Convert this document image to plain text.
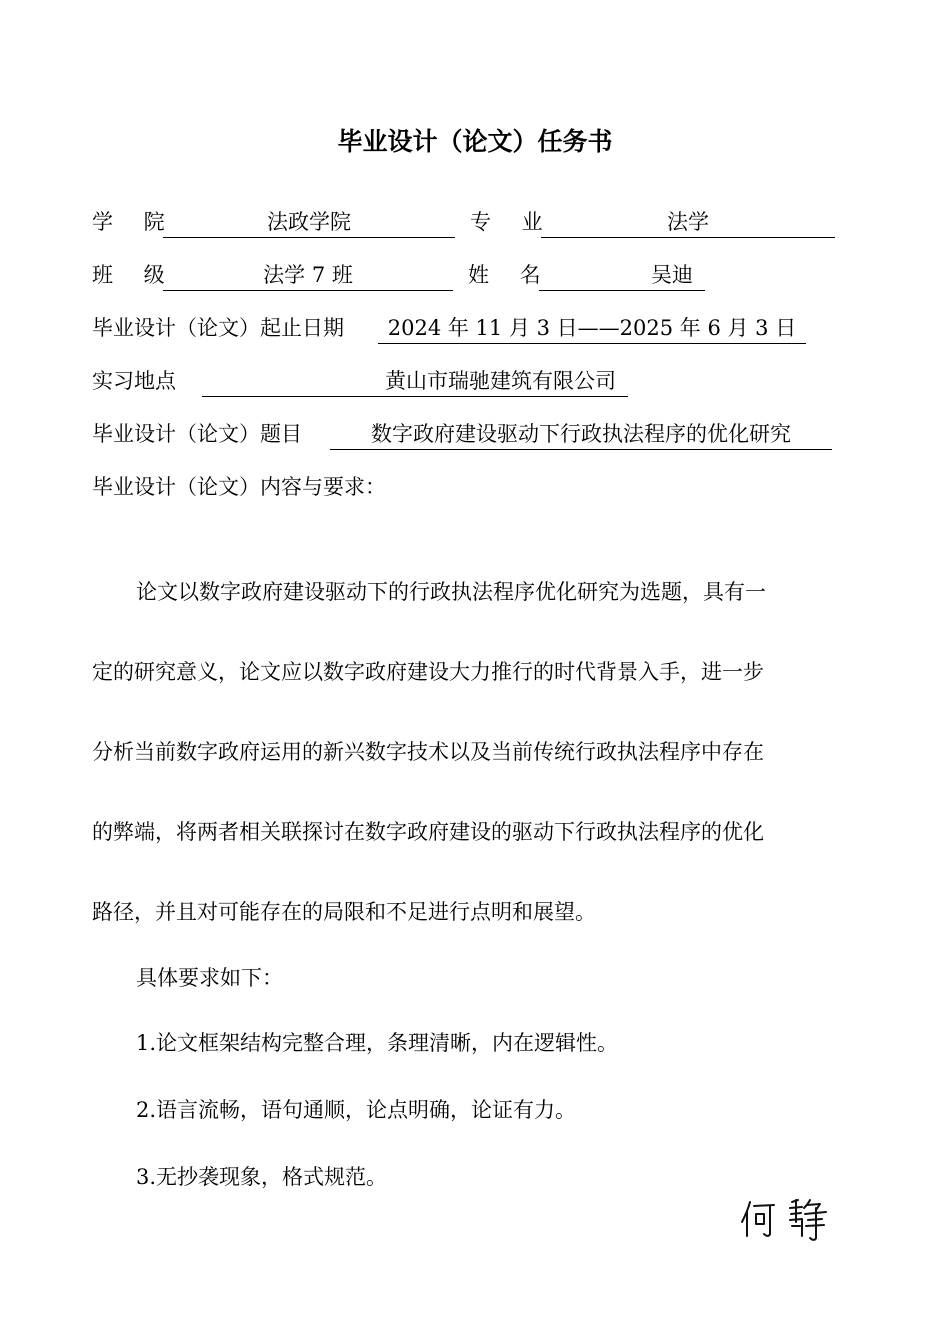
毕业设计（论文）任务书
学 院	法政学院	专 业	法学
班 级	法学 7 班	姓 名	吴迪
毕业设计（论文）起止日期	2024 年 11 月 3 日——2025 年 6 月 3 日
实习地点	黄山市瑞驰建筑有限公司
毕业设计（论文）题目	数字政府建设驱动下行政执法程序的优化研究
毕业设计（论文）内容与要求：
论文以数字政府建设驱动下的行政执法程序优化研究为选题，具有一
定的研究意义，论文应以数字政府建设大力推行的时代背景入手，进一步
分析当前数字政府运用的新兴数字技术以及当前传统行政执法程序中存在
的弊端，将两者相关联探讨在数字政府建设的驱动下行政执法程序的优化
路径，并且对可能存在的局限和不足进行点明和展望。
具体要求如下：
1.论文框架结构完整合理，条理清晰，内在逻辑性。
2.语言流畅，语句通顺，论点明确，论证有力。
3.无抄袭现象，格式规范。
